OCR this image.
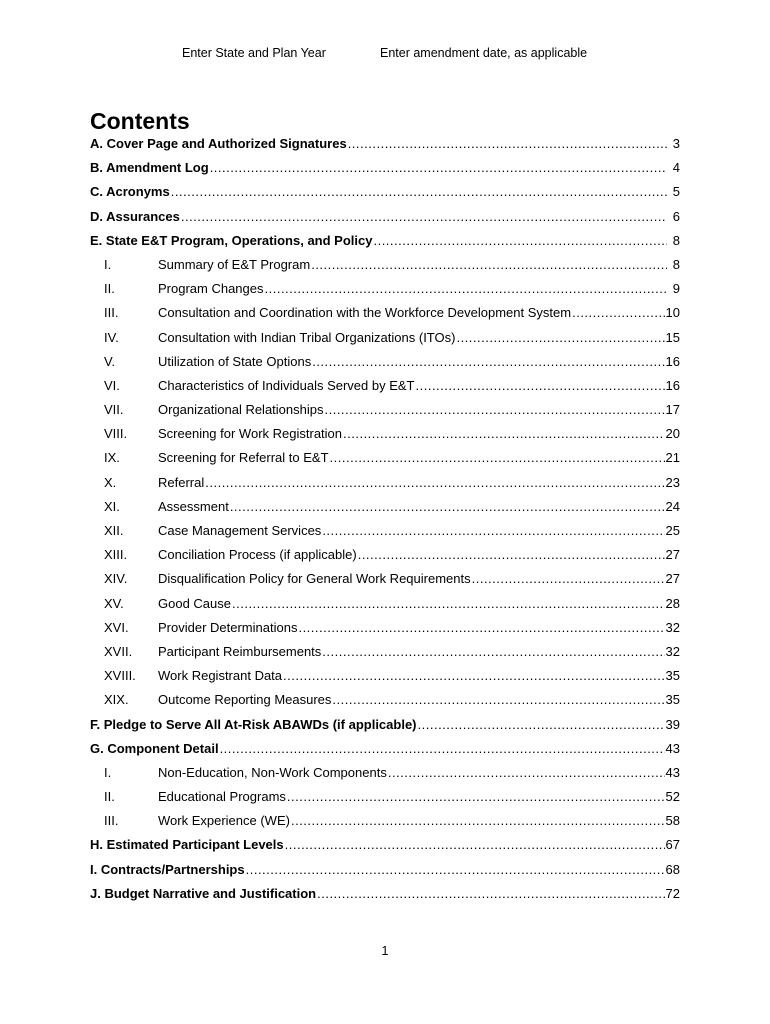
Enter State and Plan Year	Enter amendment date, as applicable
Contents
A. Cover Page and Authorized Signatures .....	3
B. Amendment Log .....	4
C. Acronyms .....	5
D. Assurances .....	6
E. State E&T Program, Operations, and Policy .....	8
I.	Summary of E&T Program .....	8
II.	Program Changes .....	9
III.	Consultation and Coordination with the Workforce Development System .....	10
IV.	Consultation with Indian Tribal Organizations (ITOs) .....	15
V.	Utilization of State Options .....	16
VI.	Characteristics of Individuals Served by E&T .....	16
VII.	Organizational Relationships .....	17
VIII.	Screening for Work Registration .....	20
IX.	Screening for Referral to E&T .....	21
X.	Referral .....	23
XI.	Assessment .....	24
XII.	Case Management Services .....	25
XIII.	Conciliation Process (if applicable) .....	27
XIV.	Disqualification Policy for General Work Requirements .....	27
XV.	Good Cause .....	28
XVI.	Provider Determinations .....	32
XVII.	Participant Reimbursements .....	32
XVIII.	Work Registrant Data .....	35
XIX.	Outcome Reporting Measures .....	35
F. Pledge to Serve All At-Risk ABAWDs (if applicable) .....	39
G. Component Detail .....	43
I.	Non-Education, Non-Work Components .....	43
II.	Educational Programs .....	52
III.	Work Experience (WE) .....	58
H. Estimated Participant Levels .....	67
I. Contracts/Partnerships .....	68
J. Budget Narrative and Justification .....	72
1
